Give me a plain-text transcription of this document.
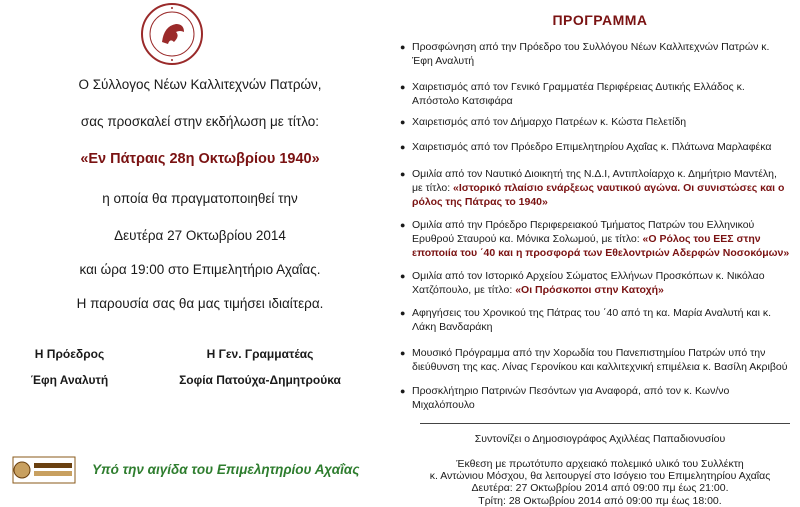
Ο Σύλλογος Νέων Καλλιτεχνών Πατρών,
σας προσκαλεί στην εκδήλωση με τίτλο:
«Εν Πάτραις 28η Οκτωβρίου 1940»
η οποία θα πραγματοποιηθεί την
Δευτέρα 27 Οκτωβρίου 2014
και ώρα 19:00 στο Επιμελητήριο Αχαΐας.
Η παρουσία σας θα μας τιμήσει ιδιαίτερα.
Η Πρόεδρος
Έφη Αναλυτή
Η Γεν. Γραμματέας
Σοφία Πατούχα-Δημητρούκα
Υπό την αιγίδα του Επιμελητηρίου Αχαΐας
ΠΡΟΓΡΑΜΜΑ
● Προσφώνηση από την Πρόεδρο του Συλλόγου Νέων Καλλιτεχνών Πατρών κ. Έφη Αναλυτή
● Χαιρετισμός από τον Γενικό Γραμματέα Περιφέρειας Δυτικής Ελλάδος κ. Απόστολο Κατσιφάρα
● Χαιρετισμός από τον Δήμαρχο Πατρέων κ. Κώστα Πελετίδη
● Χαιρετισμός από τον Πρόεδρο Επιμελητηρίου Αχαΐας κ. Πλάτωνα Μαρλαφέκα
● Ομιλία από τον Ναυτικό Διοικητή της Ν.Δ.Ι, Αντιπλοίαρχο κ. Δημήτριο Μαντέλη, με τίτλο: «Ιστορικό πλαίσιο ενάρξεως ναυτικού αγώνα. Οι συνιστώσες και ο ρόλος της Πάτρας το 1940»
● Ομιλία από την Πρόεδρο Περιφερειακού Τμήματος Πατρών του Ελληνικού Ερυθρού Σταυρού κα. Μόνικα Σολωμού, με τίτλο: «Ο Ρόλος του ΕΕΣ στην εποποιία του ΄40 και η προσφορά των Εθελοντριών Αδερφών Νοσοκόμων»
● Ομιλία από τον Ιστορικό Αρχείου Σώματος Ελλήνων Προσκόπων κ. Νικόλαο Χατζόπουλο, με τίτλο: «Οι Πρόσκοποι στην Κατοχή»
● Αφηγήσεις του Χρονικού της Πάτρας του ΄40 από τη κα. Μαρία Αναλυτή και κ. Λάκη Βανδαράκη
● Μουσικό Πρόγραμμα από την Χορωδία του Πανεπιστημίου Πατρών υπό την διεύθυνση της κας. Λίνας Γερονίκου και καλλιτεχνική επιμέλεια κ. Βασίλη Ακριβού
● Προσκλήτηριο Πατρινών Πεσόντων για Αναφορά, από τον κ. Κων/νο Μιχαλόπουλο
Συντονίζει ο Δημοσιογράφος Αχιλλέας Παπαδιονυσίου
Έκθεση με πρωτότυπο αρχειακό πολεμικό υλικό του Συλλέκτη
κ. Αντώνιου Μόσχου, θα λειτουργεί στο Ισόγειο του Επιμελητηρίου Αχαΐας
Δευτέρα: 27 Οκτωβρίου 2014 από 09:00 πμ έως 21:00.
Τρίτη: 28 Οκτωβρίου 2014 από 09:00 πμ έως 18:00.
